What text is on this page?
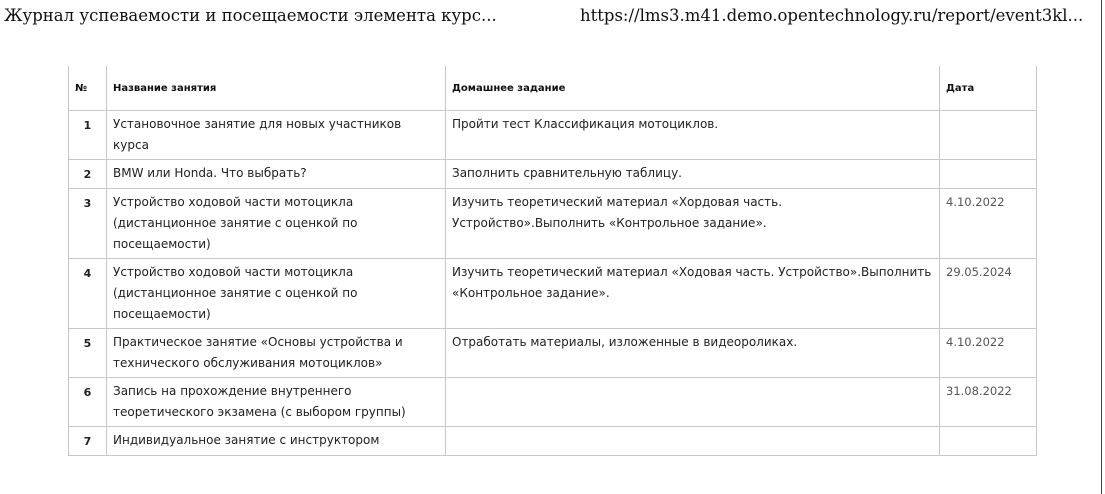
Журнал успеваемости и посещаемости элемента курс...	https://lms3.m41.demo.opentechnology.ru/report/event3kl...
№	Название занятия	Домашнее задание	Дата
1	Установочное занятие для новых участников курса	Пройти тест Классификация мотоциклов.	
2	BMW или Honda. Что выбрать?	Заполнить сравнительную таблицу.	
3	Устройство ходовой части мотоцикла (дистанционное занятие с оценкой по посещаемости)	Изучить теоретический материал «Хордовая часть. Устройство».Выполнить «Контрольное задание».	4.10.2022
4	Устройство ходовой части мотоцикла (дистанционное занятие с оценкой по посещаемости)	Изучить теоретический материал «Ходовая часть. Устройство».Выполнить «Контрольное задание».	29.05.2024
5	Практическое занятие «Основы устройства и технического обслуживания мотоциклов»	Отработать материалы, изложенные в видеороликах.	4.10.2022
6	Запись на прохождение внутреннего теоретического экзамена (с выбором группы)		31.08.2022
7	Индивидуальное занятие с инструктором		
